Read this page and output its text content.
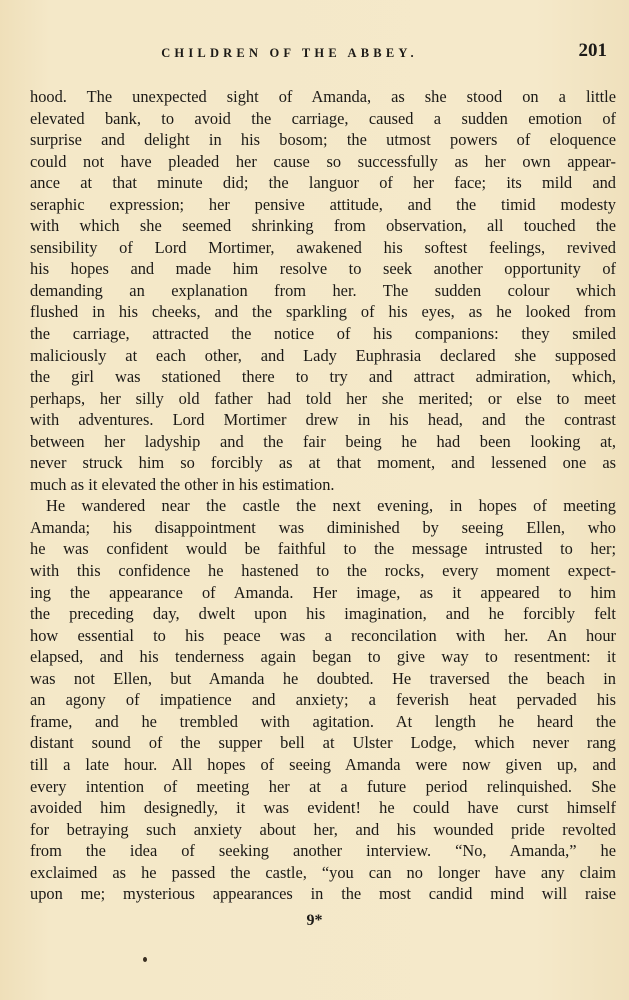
CHILDREN OF THE ABBEY.	201
hood. The unexpected sight of Amanda, as she stood on a little
elevated bank, to avoid the carriage, caused a sudden emotion of
surprise and delight in his bosom; the utmost powers of eloquence
could not have pleaded her cause so successfully as her own appear-
ance at that minute did; the languor of her face; its mild and
seraphic expression; her pensive attitude, and the timid modesty
with which she seemed shrinking from observation, all touched the
sensibility of Lord Mortimer, awakened his softest feelings, revived
his hopes and made him resolve to seek another opportunity of
demanding an explanation from her. The sudden colour which
flushed in his cheeks, and the sparkling of his eyes, as he looked from
the carriage, attracted the notice of his companions: they smiled
maliciously at each other, and Lady Euphrasia declared she supposed
the girl was stationed there to try and attract admiration, which,
perhaps, her silly old father had told her she merited; or else to meet
with adventures. Lord Mortimer drew in his head, and the contrast
between her ladyship and the fair being he had been looking at,
never struck him so forcibly as at that moment, and lessened one as
much as it elevated the other in his estimation.
He wandered near the castle the next evening, in hopes of meeting
Amanda; his disappointment was diminished by seeing Ellen, who
he was confident would be faithful to the message intrusted to her;
with this confidence he hastened to the rocks, every moment expect-
ing the appearance of Amanda. Her image, as it appeared to him
the preceding day, dwelt upon his imagination, and he forcibly felt
how essential to his peace was a reconcilation with her. An hour
elapsed, and his tenderness again began to give way to resentment: it
was not Ellen, but Amanda he doubted. He traversed the beach in
an agony of impatience and anxiety; a feverish heat pervaded his
frame, and he trembled with agitation. At length he heard the
distant sound of the supper bell at Ulster Lodge, which never rang
till a late hour. All hopes of seeing Amanda were now given up, and
every intention of meeting her at a future period relinquished. She
avoided him designedly, it was evident! he could have curst himself
for betraying such anxiety about her, and his wounded pride revolted
from the idea of seeking another interview. “No, Amanda,” he
exclaimed as he passed the castle, “you can no longer have any claim
upon me; mysterious appearances in the most candid mind will raise
9*
